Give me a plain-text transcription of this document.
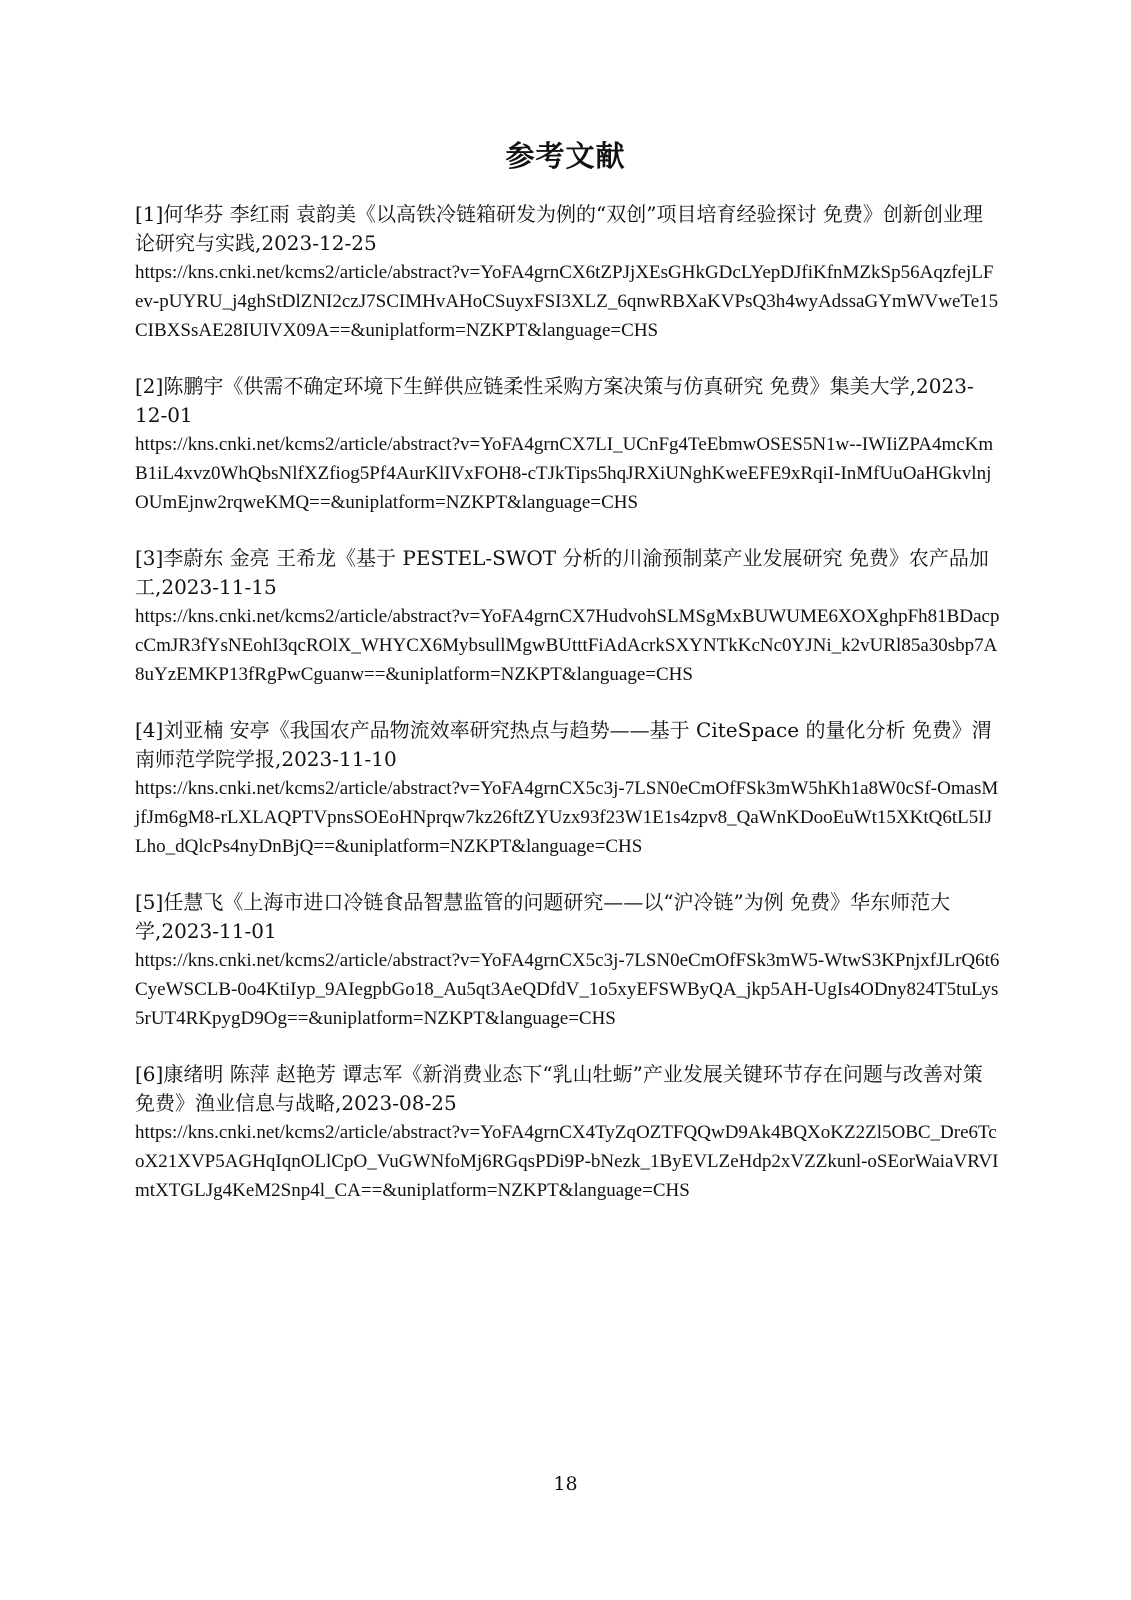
参考文献

[1]何华芬 李红雨 袁韵美《以高铁冷链箱研发为例的“双创”项目培育经验探讨 免费》创新创业理论研究与实践,2023-12-25

https://kns.cnki.net/kcms2/article/abstract?v=YoFA4grnCX6tZPJjXEsGHkGDcLYepDJfiKfnMZkSp56AqzfejLFev-pUYRU_j4ghStDlZNI2czJ7SCIMHvAHoCSuyxFSI3XLZ_6qnwRBXaKVPsQ3h4wyAdssaGYmWVweTe15CIBXSsAE28IUIVX09A==&uniplatform=NZKPT&language=CHS

[2]陈鹏宇《供需不确定环境下生鲜供应链柔性采购方案决策与仿真研究 免费》集美大学,2023-12-01

https://kns.cnki.net/kcms2/article/abstract?v=YoFA4grnCX7LI_UCnFg4TeEbmwOSES5N1w--IWIiZPA4mcKmB1iL4xvz0WhQbsNlfXZfiog5Pf4AurKlIVxFOH8-cTJkTips5hqJRXiUNghKweEFE9xRqiI-InMfUuOaHGkvlnjOUmEjnw2rqweKMQ==&uniplatform=NZKPT&language=CHS

[3]李蔚东 金亮 王希龙《基于 PESTEL-SWOT 分析的川渝预制菜产业发展研究 免费》农产品加工,2023-11-15

https://kns.cnki.net/kcms2/article/abstract?v=YoFA4grnCX7HudvohSLMSgMxBUWUME6XOXghpFh81BDacpcCmJR3fYsNEohI3qcROlX_WHYCX6MybsullMgwBUtttFiAdAcrkSXYNTkKcNc0YJNi_k2vURl85a30sbp7A8uYzEMKP13fRgPwCguanw==&uniplatform=NZKPT&language=CHS

[4]刘亚楠 安亭《我国农产品物流效率研究热点与趋势——基于 CiteSpace 的量化分析 免费》渭南师范学院学报,2023-11-10

https://kns.cnki.net/kcms2/article/abstract?v=YoFA4grnCX5c3j-7LSN0eCmOfFSk3mW5hKh1a8W0cSf-OmasMjfJm6gM8-rLXLAQPTVpnsSOEoHNprqw7kz26ftZYUzx93f23W1E1s4zpv8_QaWnKDooEuWt15XKtQ6tL5IJLho_dQlcPs4nyDnBjQ==&uniplatform=NZKPT&language=CHS

[5]任慧飞《上海市进口冷链食品智慧监管的问题研究——以“沪冷链”为例 免费》华东师范大学,2023-11-01

https://kns.cnki.net/kcms2/article/abstract?v=YoFA4grnCX5c3j-7LSN0eCmOfFSk3mW5-WtwS3KPnjxfJLrQ6t6CyeWSCLB-0o4KtiIyp_9AIegpbGo18_Au5qt3AeQDfdV_1o5xyEFSWByQA_jkp5AH-UgIs4ODny824T5tuLys5rUT4RKpygD9Og==&uniplatform=NZKPT&language=CHS

[6]康绪明 陈萍 赵艳芳 谭志军《新消费业态下“乳山牡蛎”产业发展关键环节存在问题与改善对策 免费》渔业信息与战略,2023-08-25

https://kns.cnki.net/kcms2/article/abstract?v=YoFA4grnCX4TyZqOZTFQQwD9Ak4BQXoKZ2Zl5OBC_Dre6TcoX21XVP5AGHqIqnOLlCpO_VuGWNfoMj6RGqsPDi9P-bNezk_1ByEVLZeHdp2xVZZkunl-oSEorWaiaVRVImtXTGLJg4KeM2Snp4l_CA==&uniplatform=NZKPT&language=CHS

18
